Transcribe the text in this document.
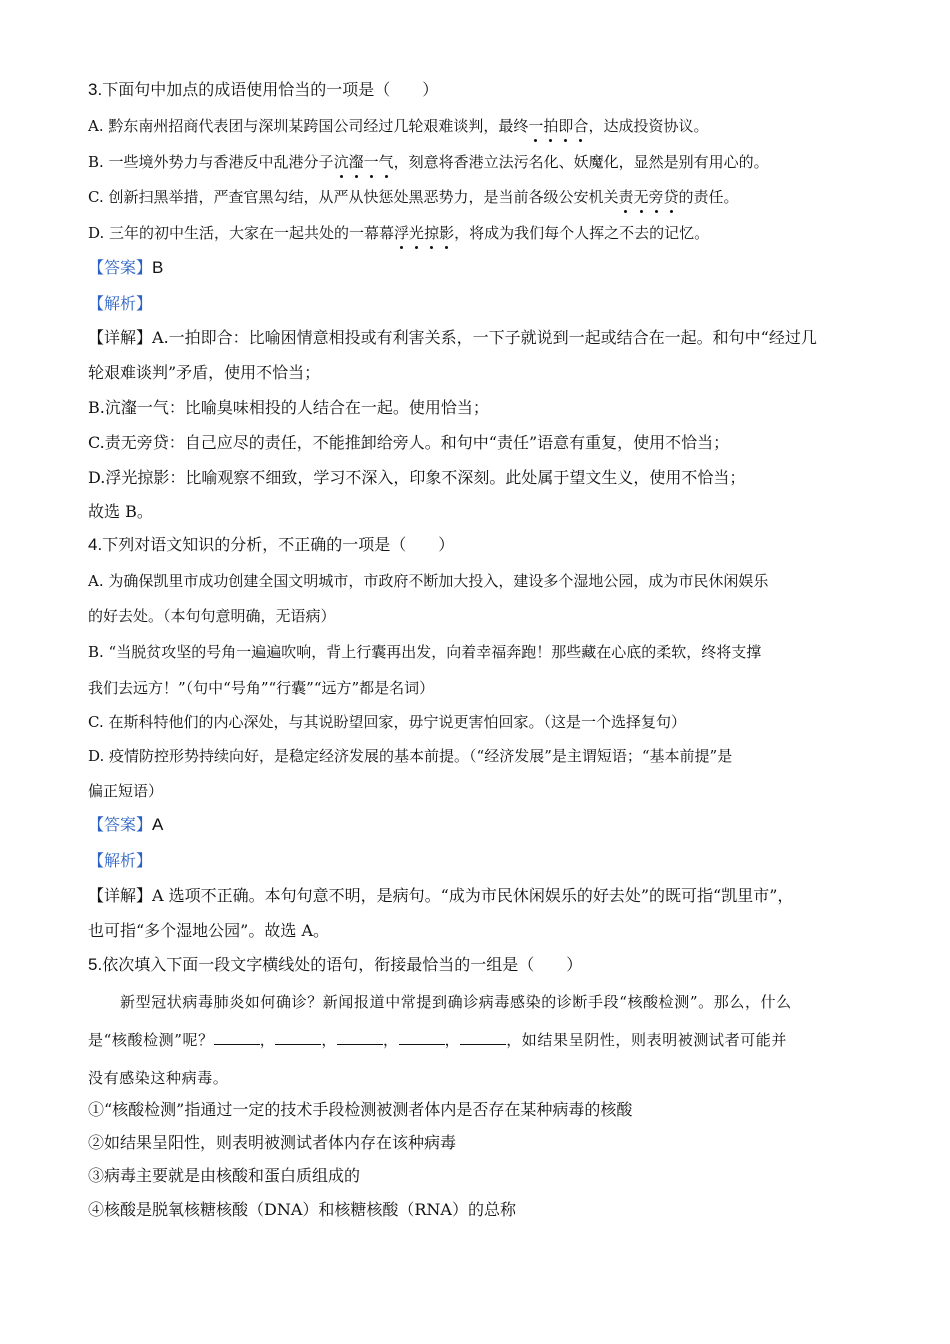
3.下面句中加点的成语使用恰当的一项是（　　）
A. 黔东南州招商代表团与深圳某跨国公司经过几轮艰难谈判，最终一拍即合，达成投资协议。
B. 一些境外势力与香港反中乱港分子沆瀣一气，刻意将香港立法污名化、妖魔化，显然是别有用心的。
C. 创新扫黑举措，严查官黑勾结，从严从快惩处黑恶势力，是当前各级公安机关责无旁贷的责任。
D. 三年的初中生活，大家在一起共处的一幕幕浮光掠影，将成为我们每个人挥之不去的记忆。
【答案】B
【解析】
【详解】A.一拍即合：比喻困情意相投或有利害关系，一下子就说到一起或结合在一起。和句中“经过几
轮艰难谈判”矛盾，使用不恰当；
B.沆瀣一气：比喻臭味相投的人结合在一起。使用恰当；
C.责无旁贷：自己应尽的责任，不能推卸给旁人。和句中“责任”语意有重复，使用不恰当；
D.浮光掠影：比喻观察不细致，学习不深入，印象不深刻。此处属于望文生义，使用不恰当；
故选 B。
4.下列对语文知识的分析，不正确的一项是（　　）
A. 为确保凯里市成功创建全国文明城市，市政府不断加大投入，建设多个湿地公园，成为市民休闲娱乐
的好去处。（本句句意明确，无语病）
B. “当脱贫攻坚的号角一遍遍吹响，背上行囊再出发，向着幸福奔跑！那些藏在心底的柔软，终将支撑
我们去远方！”（句中“号角”“行囊”“远方”都是名词）
C. 在斯科特他们的内心深处，与其说盼望回家，毋宁说更害怕回家。（这是一个选择复句）
D. 疫情防控形势持续向好，是稳定经济发展的基本前提。（“经济发展”是主谓短语；“基本前提”是
偏正短语）
【答案】A
【解析】
【详解】A 选项不正确。本句句意不明，是病句。“成为市民休闲娱乐的好去处”的既可指“凯里市”，
也可指“多个湿地公园”。故选 A。
5.依次填入下面一段文字横线处的语句，衔接最恰当的一组是（　　）
新型冠状病毒肺炎如何确诊？新闻报道中常提到确诊病毒感染的诊断手段“核酸检测”。那么，什么
是“核酸检测”呢？	，	，	，	，	，如结果呈阴性，则表明被测试者可能并
没有感染这种病毒。
①“核酸检测”指通过一定的技术手段检测被测者体内是否存在某种病毒的核酸
②如结果呈阳性，则表明被测试者体内存在该种病毒
③病毒主要就是由核酸和蛋白质组成的
④核酸是脱氧核糖核酸（DNA）和核糖核酸（RNA）的总称
